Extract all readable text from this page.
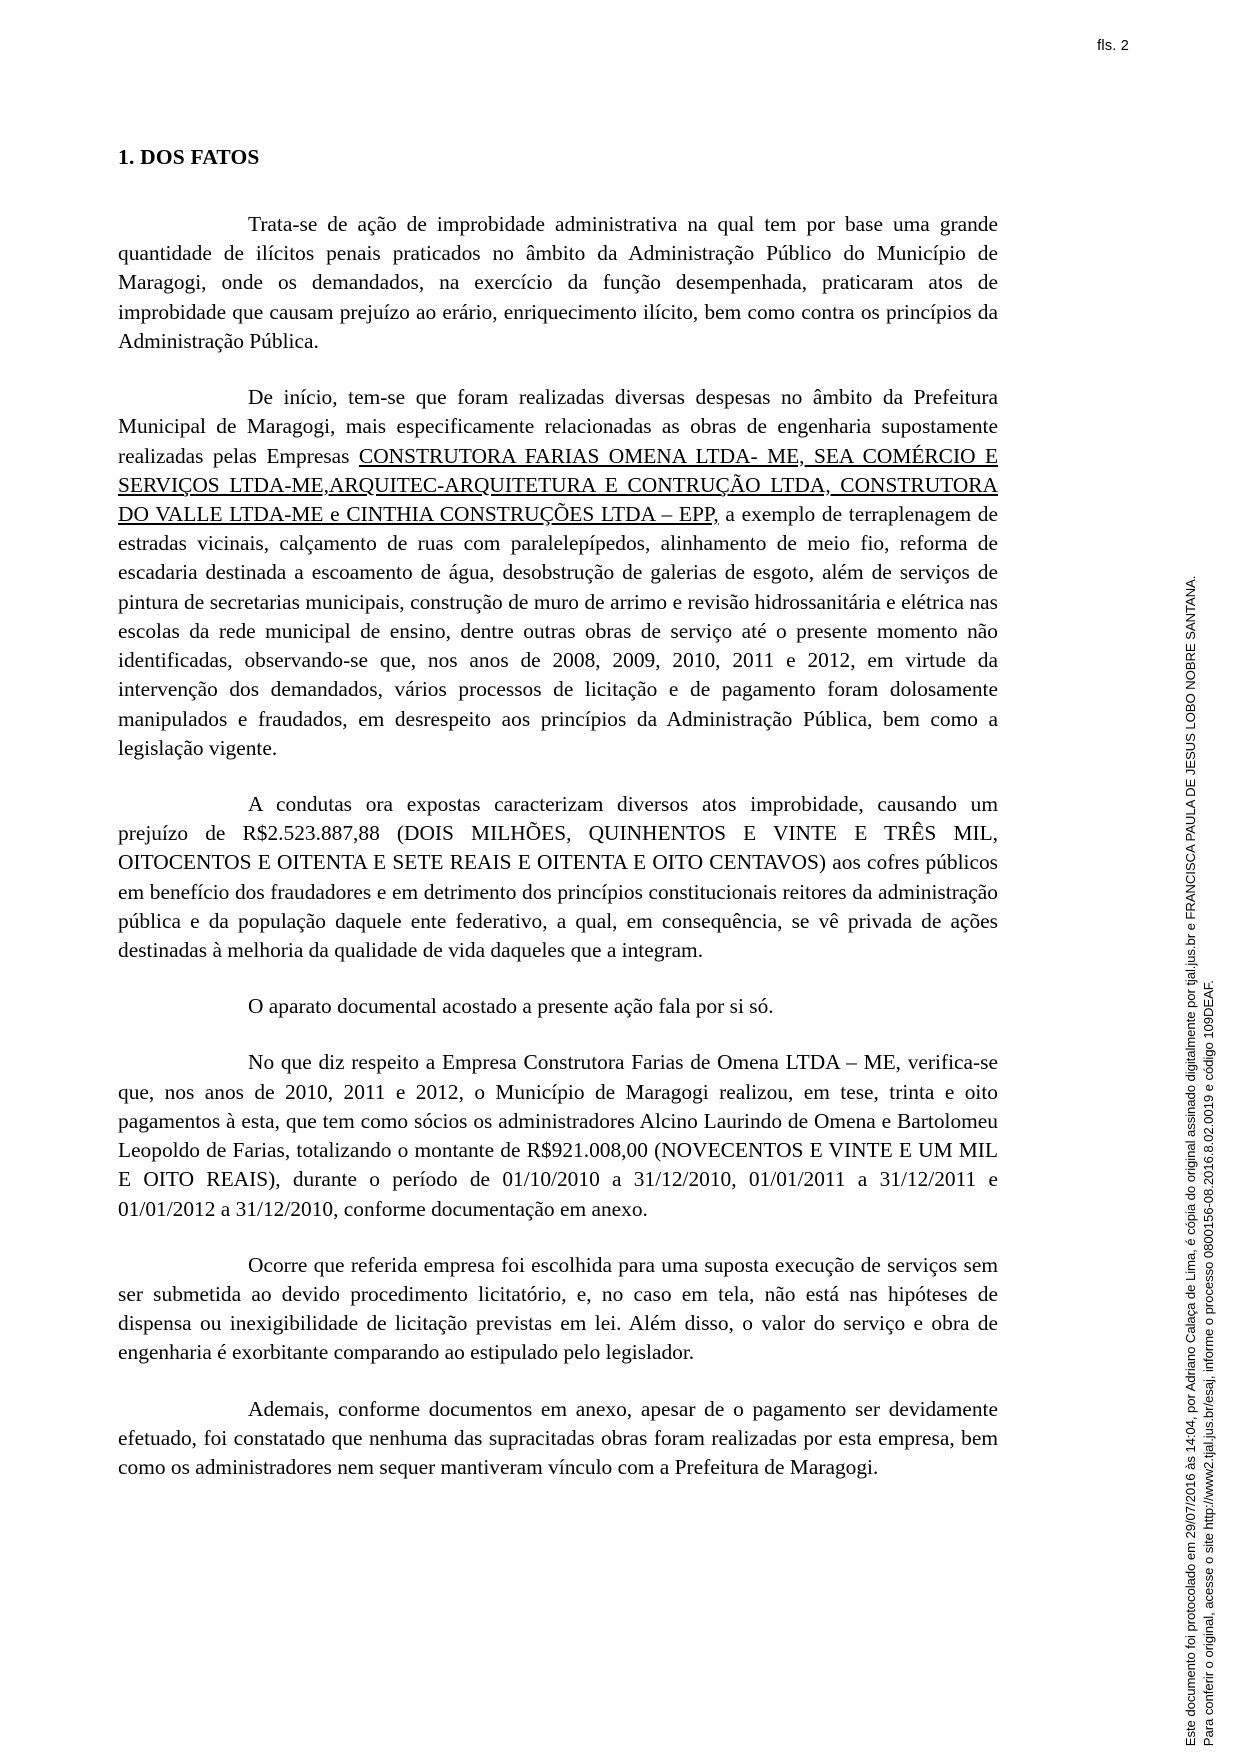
fls. 2
1. DOS FATOS

Trata-se de ação de improbidade administrativa na qual tem por base uma grande quantidade de ilícitos penais praticados no âmbito da Administração Público do Município de Maragogi, onde os demandados, na exercício da função desempenhada, praticaram atos de improbidade que causam prejuízo ao erário, enriquecimento ilícito, bem como contra os princípios da Administração Pública.

De início, tem-se que foram realizadas diversas despesas no âmbito da Prefeitura Municipal de Maragogi, mais especificamente relacionadas as obras de engenharia supostamente realizadas pelas Empresas CONSTRUTORA FARIAS OMENA LTDA- ME, SEA COMÉRCIO E SERVIÇOS LTDA-ME,ARQUITEC-ARQUITETURA E CONTRUÇÃO LTDA, CONSTRUTORA DO VALLE LTDA-ME e CINTHIA CONSTRUÇÕES LTDA – EPP, a exemplo de terraplenagem de estradas vicinais, calçamento de ruas com paralelepípedos, alinhamento de meio fio, reforma de escadaria destinada a escoamento de água, desobstrução de galerias de esgoto, além de serviços de pintura de secretarias municipais, construção de muro de arrimo e revisão hidrossanitária e elétrica nas escolas da rede municipal de ensino, dentre outras obras de serviço até o presente momento não identificadas, observando-se que, nos anos de 2008, 2009, 2010, 2011 e 2012, em virtude da intervenção dos demandados, vários processos de licitação e de pagamento foram dolosamente manipulados e fraudados, em desrespeito aos princípios da Administração Pública, bem como a legislação vigente.

A condutas ora expostas caracterizam diversos atos improbidade, causando um prejuízo de R$2.523.887,88 (DOIS MILHÕES, QUINHENTOS E VINTE E TRÊS MIL, OITOCENTOS E OITENTA E SETE REAIS E OITENTA E OITO CENTAVOS) aos cofres públicos em benefício dos fraudadores e em detrimento dos princípios constitucionais reitores da administração pública e da população daquele ente federativo, a qual, em consequência, se vê privada de ações destinadas à melhoria da qualidade de vida daqueles que a integram.

O aparato documental acostado a presente ação fala por si só.

No que diz respeito a Empresa Construtora Farias de Omena LTDA – ME, verifica-se que, nos anos de 2010, 2011 e 2012, o Município de Maragogi realizou, em tese, trinta e oito pagamentos à esta, que tem como sócios os administradores Alcino Laurindo de Omena e Bartolomeu Leopoldo de Farias, totalizando o montante de R$921.008,00 (NOVECENTOS E VINTE E UM MIL E OITO REAIS), durante o período de 01/10/2010 a 31/12/2010, 01/01/2011 a 31/12/2011 e 01/01/2012 a 31/12/2010, conforme documentação em anexo.

Ocorre que referida empresa foi escolhida para uma suposta execução de serviços sem ser submetida ao devido procedimento licitatório, e, no caso em tela, não está nas hipóteses de dispensa ou inexigibilidade de licitação previstas em lei. Além disso, o valor do serviço e obra de engenharia é exorbitante comparando ao estipulado pelo legislador.

Ademais, conforme documentos em anexo, apesar de o pagamento ser devidamente efetuado, foi constatado que nenhuma das supracitadas obras foram realizadas por esta empresa, bem como os administradores nem sequer mantiveram vínculo com a Prefeitura de Maragogi.	Este documento foi protocolado em 29/07/2016 às 14:04, por Adriano Calaça de Lima, é cópia do original assinado digitalmente por tjal.jus.br e FRANCISCA PAULA DE JESUS LOBO NOBRE SANTANA. Para conferir o original, acesse o site http://www2.tjal.jus.br/esaj, informe o processo 0800156-08.2016.8.02.0019 e código 109DEAF.
